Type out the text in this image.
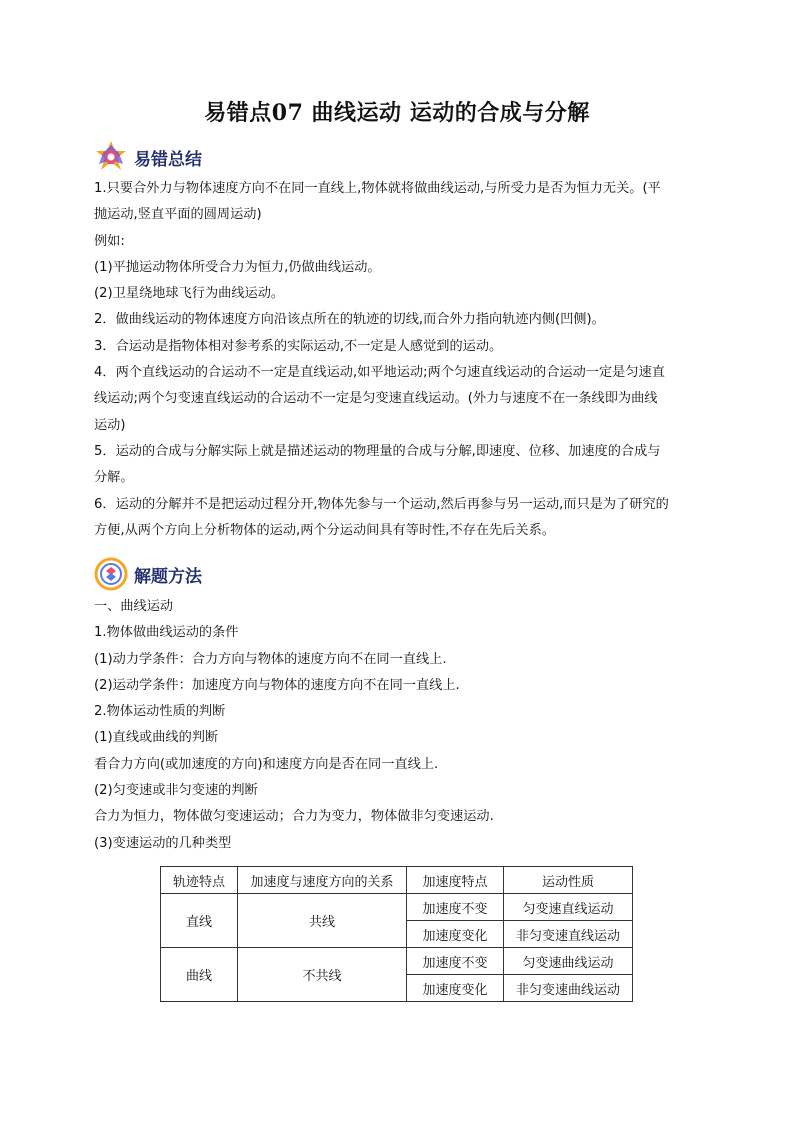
易错点07 曲线运动 运动的合成与分解
易错总结

1.只要合外力与物体速度方向不在同一直线上,物体就将做曲线运动,与所受力是否为恒力无关。(平

抛运动,竖直平面的圆周运动)

例如:

(1)平抛运动物体所受合力为恒力,仍做曲线运动。

(2)卫星绕地球飞行为曲线运动。

2．做曲线运动的物体速度方向沿该点所在的轨迹的切线,而合外力指向轨迹内侧(凹侧)。

3．合运动是指物体相对参考系的实际运动,不一定是人感觉到的运动。

4．两个直线运动的合运动不一定是直线运动,如平地运动;两个匀速直线运动的合运动一定是匀速直

线运动;两个匀变速直线运动的合运动不一定是匀变速直线运动。(外力与速度不在一条线即为曲线

运动)

5．运动的合成与分解实际上就是描述运动的物理量的合成与分解,即速度、位移、加速度的合成与

分解。

6．运动的分解并不是把运动过程分开,物体先参与一个运动,然后再参与另一运动,而只是为了研究的

方便,从两个方向上分析物体的运动,两个分运动间具有等时性,不存在先后关系。

解题方法

一、曲线运动

1.物体做曲线运动的条件

(1)动力学条件：合力方向与物体的速度方向不在同一直线上.

(2)运动学条件：加速度方向与物体的速度方向不在同一直线上.

2.物体运动性质的判断

(1)直线或曲线的判断

看合力方向(或加速度的方向)和速度方向是否在同一直线上.

(2)匀变速或非匀变速的判断

合力为恒力，物体做匀变速运动；合力为变力，物体做非匀变速运动.

(3)变速运动的几种类型

轨迹特点	加速度与速度方向的关系	加速度特点	运动性质
直线	共线	加速度不变	匀变速直线运动
		加速度变化	非匀变速直线运动
曲线	不共线	加速度不变	匀变速曲线运动
		加速度变化	非匀变速曲线运动
